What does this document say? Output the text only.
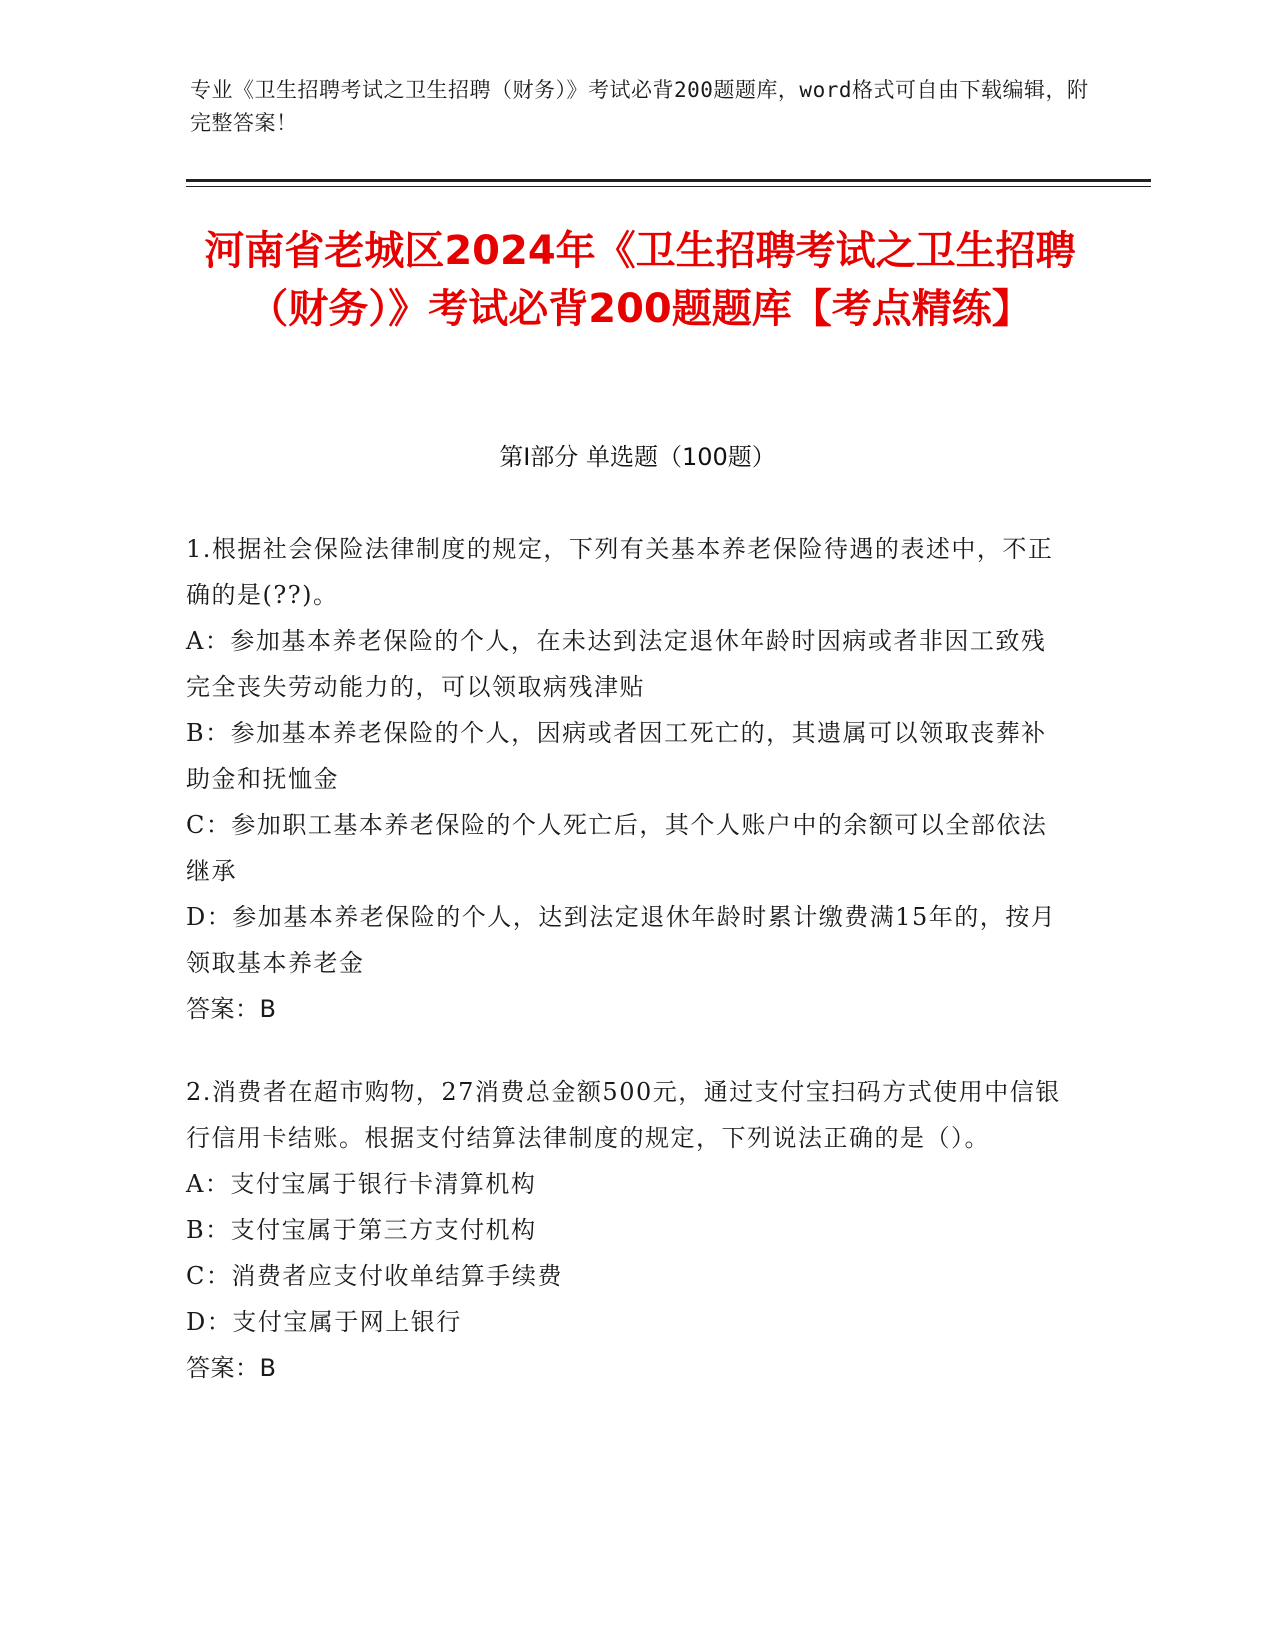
专业《卫生招聘考试之卫生招聘（财务）》考试必背200题题库，word格式可自由下载编辑，附完整答案！
河南省老城区2024年《卫生招聘考试之卫生招聘（财务）》考试必背200题题库【考点精练】
第I部分 单选题（100题）

1.根据社会保险法律制度的规定，下列有关基本养老保险待遇的表述中，不正确的是(??)。

A：参加基本养老保险的个人，在未达到法定退休年龄时因病或者非因工致残完全丧失劳动能力的，可以领取病残津贴

B：参加基本养老保险的个人，因病或者因工死亡的，其遗属可以领取丧葬补助金和抚恤金

C：参加职工基本养老保险的个人死亡后，其个人账户中的余额可以全部依法继承

D：参加基本养老保险的个人，达到法定退休年龄时累计缴费满15年的，按月领取基本养老金

答案：B

2.消费者在超市购物，27消费总金额500元，通过支付宝扫码方式使用中信银行信用卡结账。根据支付结算法律制度的规定，下列说法正确的是（）。

A：支付宝属于银行卡清算机构

B：支付宝属于第三方支付机构

C：消费者应支付收单结算手续费

D：支付宝属于网上银行

答案：B
